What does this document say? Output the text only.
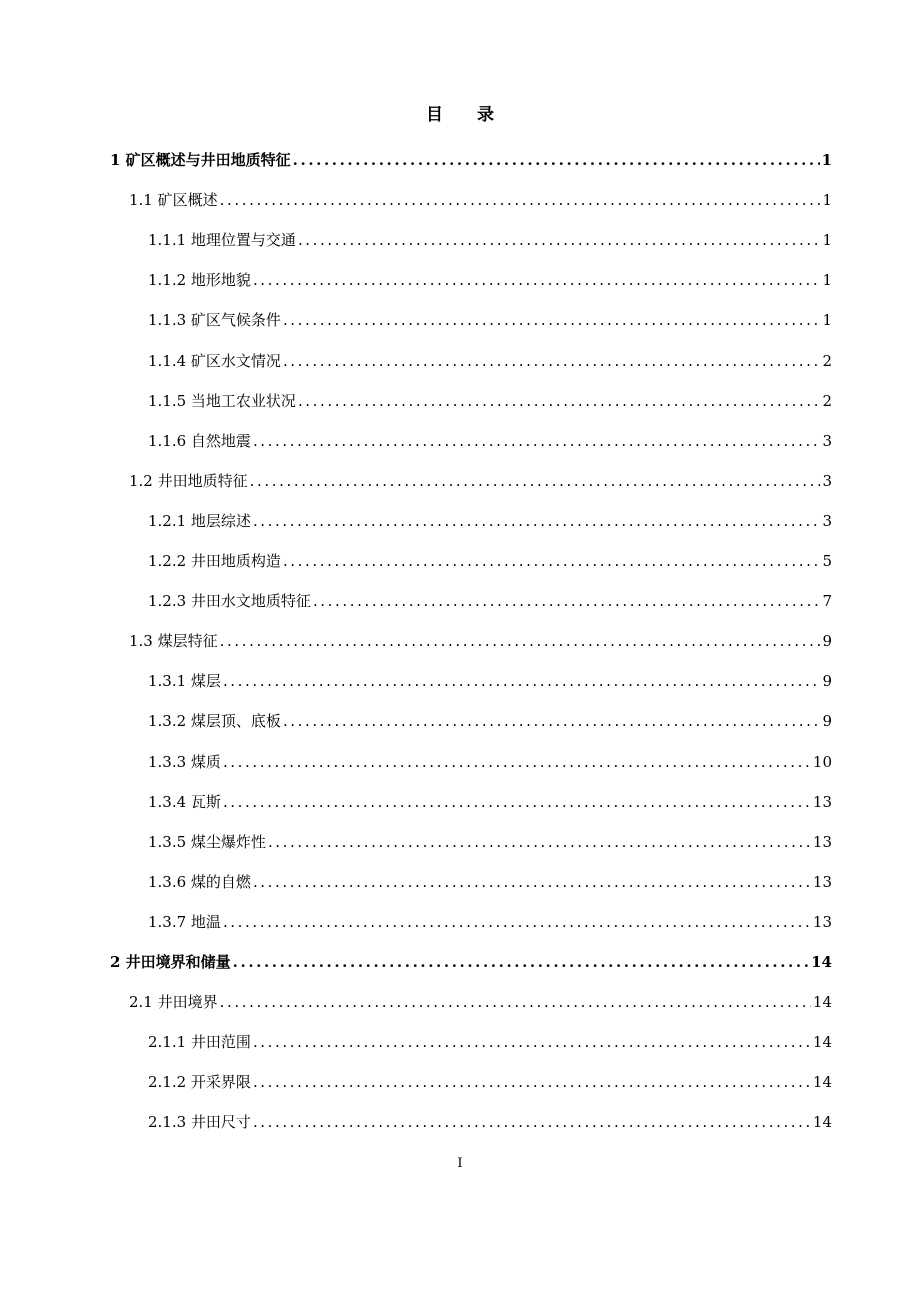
目 录
1 矿区概述与井田地质特征 .....	1
1.1 矿区概述 .....	1
1.1.1 地理位置与交通 .....	1
1.1.2 地形地貌 .....	1
1.1.3 矿区气候条件 .....	1
1.1.4 矿区水文情况 .....	2
1.1.5 当地工农业状况 .....	2
1.1.6 自然地震 .....	3
1.2 井田地质特征 .....	3
1.2.1 地层综述 .....	3
1.2.2 井田地质构造 .....	5
1.2.3 井田水文地质特征 .....	7
1.3 煤层特征 .....	9
1.3.1 煤层 .....	9
1.3.2 煤层顶、底板 .....	9
1.3.3 煤质 .....	10
1.3.4 瓦斯 .....	13
1.3.5 煤尘爆炸性 .....	13
1.3.6 煤的自燃 .....	13
1.3.7 地温 .....	13
2 井田境界和储量 .....	14
2.1 井田境界 .....	14
2.1.1 井田范围 .....	14
2.1.2 开采界限 .....	14
2.1.3 井田尺寸 .....	14
I
